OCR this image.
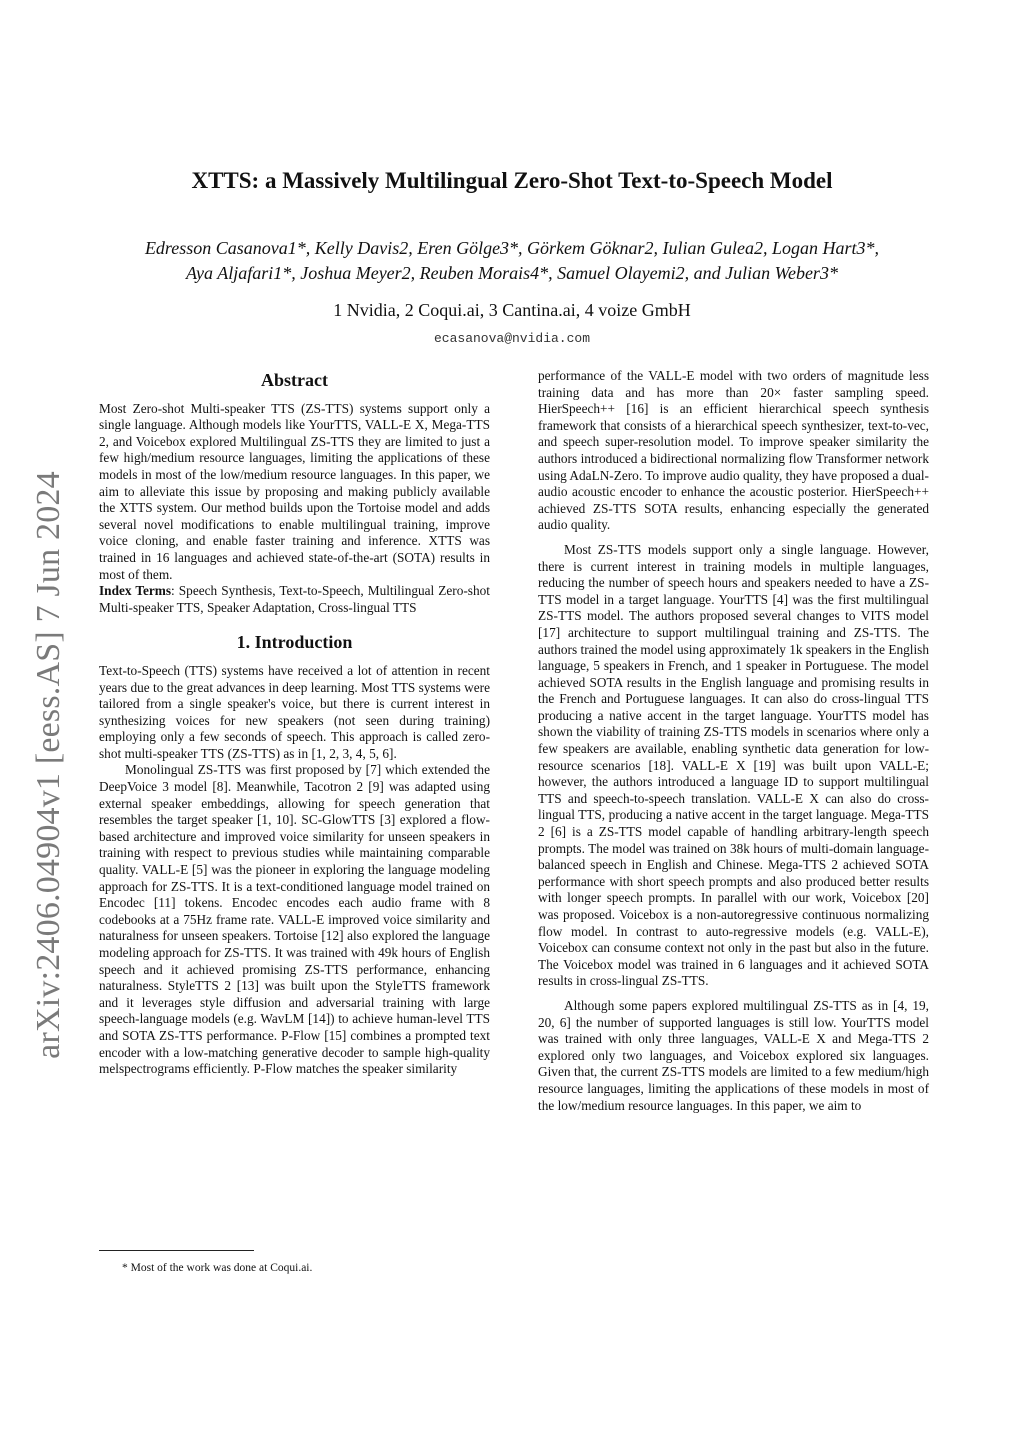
arXiv:2406.04904v1 [eess.AS] 7 Jun 2024
XTTS: a Massively Multilingual Zero-Shot Text-to-Speech Model
Edresson Casanova1*, Kelly Davis2, Eren Gölge3*, Görkem Göknar2, Iulian Gulea2, Logan Hart3*,
Aya Aljafari1*, Joshua Meyer2, Reuben Morais4*, Samuel Olayemi2, and Julian Weber3*
1 Nvidia, 2 Coqui.ai, 3 Cantina.ai, 4 voize GmbH
ecasanova@nvidia.com
Abstract

Most Zero-shot Multi-speaker TTS (ZS-TTS) systems support only a single language. Although models like YourTTS, VALL-E X, Mega-TTS 2, and Voicebox explored Multilingual ZS-TTS they are limited to just a few high/medium resource languages, limiting the applications of these models in most of the low/medium resource languages. In this paper, we aim to alleviate this issue by proposing and making publicly available the XTTS system. Our method builds upon the Tortoise model and adds several novel modifications to enable multilingual training, improve voice cloning, and enable faster training and inference. XTTS was trained in 16 languages and achieved state-of-the-art (SOTA) results in most of them.

Index Terms: Speech Synthesis, Text-to-Speech, Multilingual Zero-shot Multi-speaker TTS, Speaker Adaptation, Cross-lingual TTS

1. Introduction

Text-to-Speech (TTS) systems have received a lot of attention in recent years due to the great advances in deep learning. Most TTS systems were tailored from a single speaker's voice, but there is current interest in synthesizing voices for new speakers (not seen during training) employing only a few seconds of speech. This approach is called zero-shot multi-speaker TTS (ZS-TTS) as in [1, 2, 3, 4, 5, 6].

Monolingual ZS-TTS was first proposed by [7] which extended the DeepVoice 3 model [8]. Meanwhile, Tacotron 2 [9] was adapted using external speaker embeddings, allowing for speech generation that resembles the target speaker [1, 10]. SC-GlowTTS [3] explored a flow-based architecture and improved voice similarity for unseen speakers in training with respect to previous studies while maintaining comparable quality. VALL-E [5] was the pioneer in exploring the language modeling approach for ZS-TTS. It is a text-conditioned language model trained on Encodec [11] tokens. Encodec encodes each audio frame with 8 codebooks at a 75Hz frame rate. VALL-E improved voice similarity and naturalness for unseen speakers. Tortoise [12] also explored the language modeling approach for ZS-TTS. It was trained with 49k hours of English speech and it achieved promising ZS-TTS performance, enhancing naturalness. StyleTTS 2 [13] was built upon the StyleTTS framework and it leverages style diffusion and adversarial training with large speech-language models (e.g. WavLM [14]) to achieve human-level TTS and SOTA ZS-TTS performance. P-Flow [15] combines a prompted text encoder with a low-matching generative decoder to sample high-quality melspectrograms efficiently. P-Flow matches the speaker similarity

performance of the VALL-E model with two orders of magnitude less training data and has more than 20× faster sampling speed. HierSpeech++ [16] is an efficient hierarchical speech synthesis framework that consists of a hierarchical speech synthesizer, text-to-vec, and speech super-resolution model. To improve speaker similarity the authors introduced a bidirectional normalizing flow Transformer network using AdaLN-Zero. To improve audio quality, they have proposed a dual-audio acoustic encoder to enhance the acoustic posterior. HierSpeech++ achieved ZS-TTS SOTA results, enhancing especially the generated audio quality.

Most ZS-TTS models support only a single language. However, there is current interest in training models in multiple languages, reducing the number of speech hours and speakers needed to have a ZS-TTS model in a target language. YourTTS [4] was the first multilingual ZS-TTS model. The authors proposed several changes to VITS model [17] architecture to support multilingual training and ZS-TTS. The authors trained the model using approximately 1k speakers in the English language, 5 speakers in French, and 1 speaker in Portuguese. The model achieved SOTA results in the English language and promising results in the French and Portuguese languages. It can also do cross-lingual TTS producing a native accent in the target language. YourTTS model has shown the viability of training ZS-TTS models in scenarios where only a few speakers are available, enabling synthetic data generation for low-resource scenarios [18]. VALL-E X [19] was built upon VALL-E; however, the authors introduced a language ID to support multilingual TTS and speech-to-speech translation. VALL-E X can also do cross-lingual TTS, producing a native accent in the target language. Mega-TTS 2 [6] is a ZS-TTS model capable of handling arbitrary-length speech prompts. The model was trained on 38k hours of multi-domain language-balanced speech in English and Chinese. Mega-TTS 2 achieved SOTA performance with short speech prompts and also produced better results with longer speech prompts. In parallel with our work, Voicebox [20] was proposed. Voicebox is a non-autoregressive continuous normalizing flow model. In contrast to auto-regressive models (e.g. VALL-E), Voicebox can consume context not only in the past but also in the future. The Voicebox model was trained in 6 languages and it achieved SOTA results in cross-lingual ZS-TTS.

Although some papers explored multilingual ZS-TTS as in [4, 19, 20, 6] the number of supported languages is still low. YourTTS model was trained with only three languages, VALL-E X and Mega-TTS 2 explored only two languages, and Voicebox explored six languages. Given that, the current ZS-TTS models are limited to a few medium/high resource languages, limiting the applications of these models in most of the low/medium resource languages. In this paper, we aim to

* Most of the work was done at Coqui.ai.
